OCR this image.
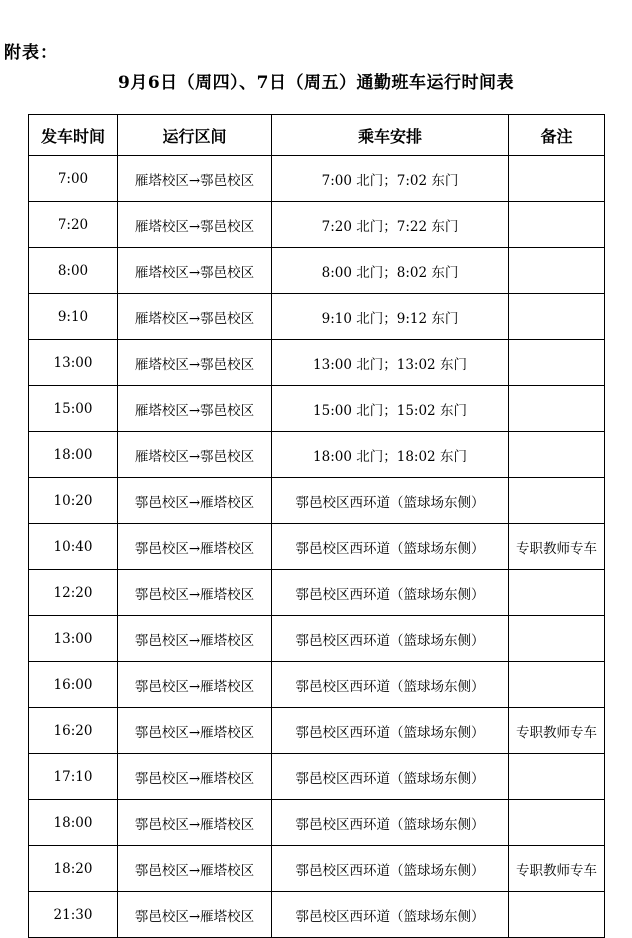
附表：
9月6日（周四）、7日（周五）通勤班车运行时间表
发车时间	运行区间	乘车安排	备注
7:00	雁塔校区→鄠邑校区	7:00 北门；7:02 东门	
7:20	雁塔校区→鄠邑校区	7:20 北门；7:22 东门	
8:00	雁塔校区→鄠邑校区	8:00 北门；8:02 东门	
9:10	雁塔校区→鄠邑校区	9:10 北门；9:12 东门	
13:00	雁塔校区→鄠邑校区	13:00 北门；13:02 东门	
15:00	雁塔校区→鄠邑校区	15:00 北门；15:02 东门	
18:00	雁塔校区→鄠邑校区	18:00 北门；18:02 东门	
10:20	鄠邑校区→雁塔校区	鄠邑校区西环道（篮球场东侧）	
10:40	鄠邑校区→雁塔校区	鄠邑校区西环道（篮球场东侧）	专职教师专车
12:20	鄠邑校区→雁塔校区	鄠邑校区西环道（篮球场东侧）	
13:00	鄠邑校区→雁塔校区	鄠邑校区西环道（篮球场东侧）	
16:00	鄠邑校区→雁塔校区	鄠邑校区西环道（篮球场东侧）	
16:20	鄠邑校区→雁塔校区	鄠邑校区西环道（篮球场东侧）	专职教师专车
17:10	鄠邑校区→雁塔校区	鄠邑校区西环道（篮球场东侧）	
18:00	鄠邑校区→雁塔校区	鄠邑校区西环道（篮球场东侧）	
18:20	鄠邑校区→雁塔校区	鄠邑校区西环道（篮球场东侧）	专职教师专车
21:30	鄠邑校区→雁塔校区	鄠邑校区西环道（篮球场东侧）	
